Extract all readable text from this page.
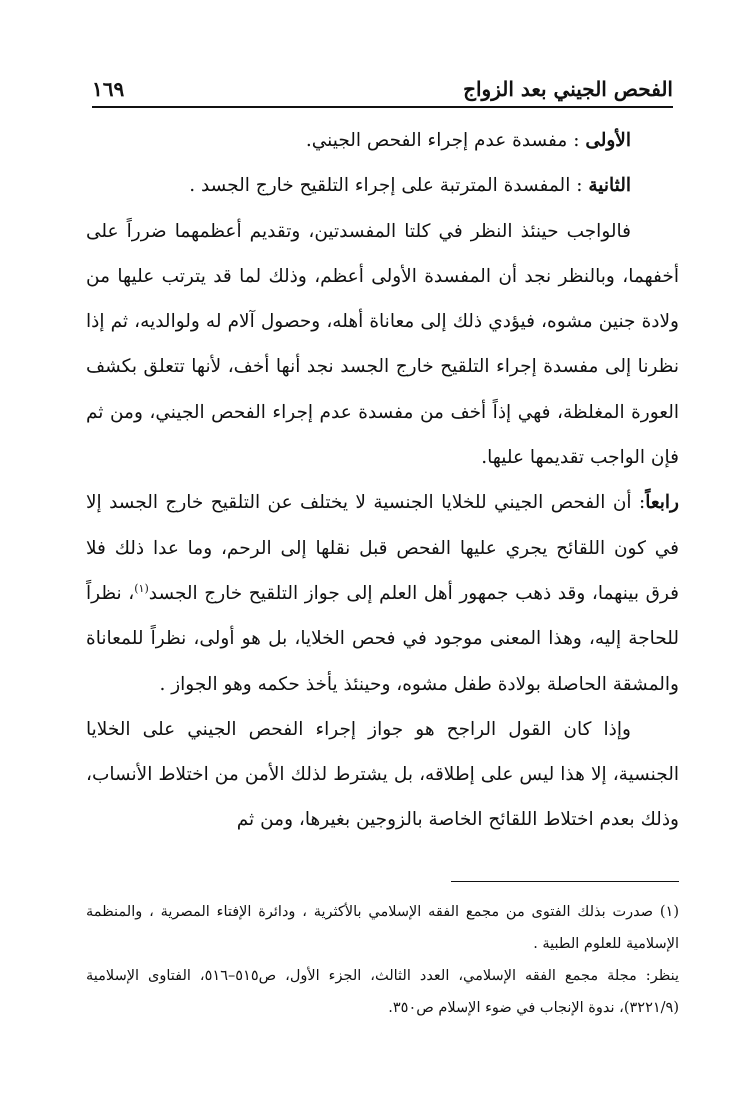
الفحص الجيني بعد الزواج
١٦٩

الأولى : مفسدة عدم إجراء الفحص الجيني.

الثانية : المفسدة المترتبة على إجراء التلقيح خارج الجسد .

فالواجب حينئذ النظر في كلتا المفسدتين، وتقديم أعظمهما ضرراً على أخفهما، وبالنظر نجد أن المفسدة الأولى أعظم، وذلك لما قد يترتب عليها من ولادة جنين مشوه، فيؤدي ذلك إلى معاناة أهله، وحصول آلام له ولوالديه، ثم إذا نظرنا إلى مفسدة إجراء التلقيح خارج الجسد نجد أنها أخف، لأنها تتعلق بكشف العورة المغلظة، فهي إذاً أخف من مفسدة عدم إجراء الفحص الجيني، ومن ثم فإن الواجب تقديمها عليها.

رابعاً: أن الفحص الجيني للخلايا الجنسية لا يختلف عن التلقيح خارج الجسد إلا في كون اللقائح يجري عليها الفحص قبل نقلها إلى الرحم، وما عدا ذلك فلا فرق بينهما، وقد ذهب جمهور أهل العلم إلى جواز التلقيح خارج الجسد$^{(١)}$، نظراً للحاجة إليه، وهذا المعنى موجود في فحص الخلايا، بل هو أولى، نظراً للمعاناة والمشقة الحاصلة بولادة طفل مشوه، وحينئذ يأخذ حكمه وهو الجواز .

وإذا كان القول الراجح هو جواز إجراء الفحص الجيني على الخلايا الجنسية، إلا هذا ليس على إطلاقه، بل يشترط لذلك الأمن من اختلاط الأنساب، وذلك بعدم اختلاط اللقائح الخاصة بالزوجين بغيرها، ومن ثم

(١) صدرت بذلك الفتوى من مجمع الفقه الإسلامي بالأكثرية ، ودائرة الإفتاء المصرية ، والمنظمة الإسلامية للعلوم الطبية .

ينظر: مجلة مجمع الفقه الإسلامي، العدد الثالث، الجزء الأول، ص٥١٥–٥١٦، الفتاوى الإسلامية (٣٢٢١/٩)، ندوة الإنجاب في ضوء الإسلام ص٣٥٠.
